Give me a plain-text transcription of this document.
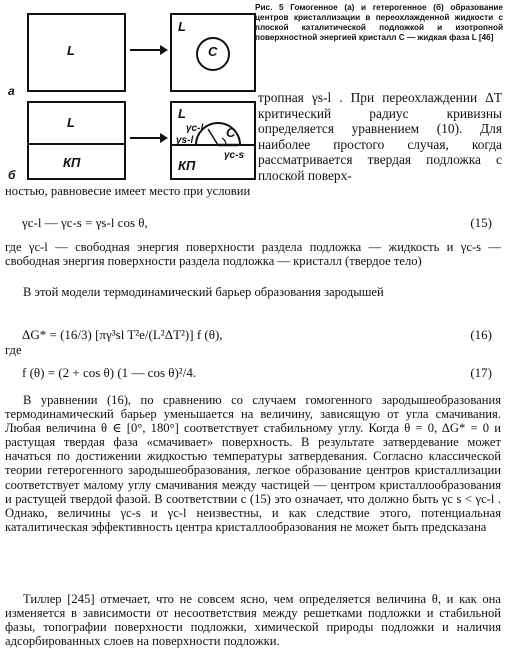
L
L
C
а
L
КП
L
γc-l
γs-l
C
γc-s
КП
б
Рис. 5 Гомогенное (а) и гетерогенное (б) образование центров кристаллизации в переохлажденной жидкости с плоской каталитической подложкой и изотропной поверхностной энергией кристалл C — жидкая фаза L [46]
тропная γs-l . При переохлаждении ΔT критический радиус кривизны определяется уравнением (10). Для наиболее простого случая, когда рассматривается твердая подложка с плоской поверх-
ностью, равновесие имеет место при условии
γc-l — γc-s = γs-l cos θ,	(15)
где γc-l — свободная энергия поверхности раздела подложка — жидкость и γc-s — свободная энергия поверхности раздела подложка — кристалл (твердое тело)
В этой модели термодинамический барьер образования зародышей
ΔG* = (16/3) [πγ³sl T²e/(L²ΔT²)] f (θ),	(16)
где
f (θ) = (2 + cos θ) (1 — cos θ)²/4.	(17)
В уравнении (16), по сравнению со случаем гомогенного зародышеобразования термодинамический барьер уменьшается на величину, зависящую от угла смачивания. Любая величина θ ∈ [0°, 180°] соответствует стабильному углу. Когда θ = 0, ΔG* = 0 и растущая твердая фаза «смачивает» поверхность. В результате затвердевание может начаться по достижении жидкостью температуры затвердевания. Согласно классической теории гетерогенного зародышеобразования, легкое образование центров кристаллизации соответствует малому углу смачивания между частицей — центром кристаллообразования и растущей твердой фазой. В соответствии с (15) это означает, что должно быть γc s < γc-l . Однако, величины γc-s и γc-l неизвестны, и как следствие этого, потенциальная каталитическая эффективность центра кристаллообразования не может быть предсказана
Тиллер [245] отмечает, что не совсем ясно, чем определяется величина θ, и как она изменяется в зависимости от несоответствия между решетками подложки и стабильной фазы, топографии поверхности подложки, химической природы подложки и наличия адсорбированных слоев на поверхности подложки.
